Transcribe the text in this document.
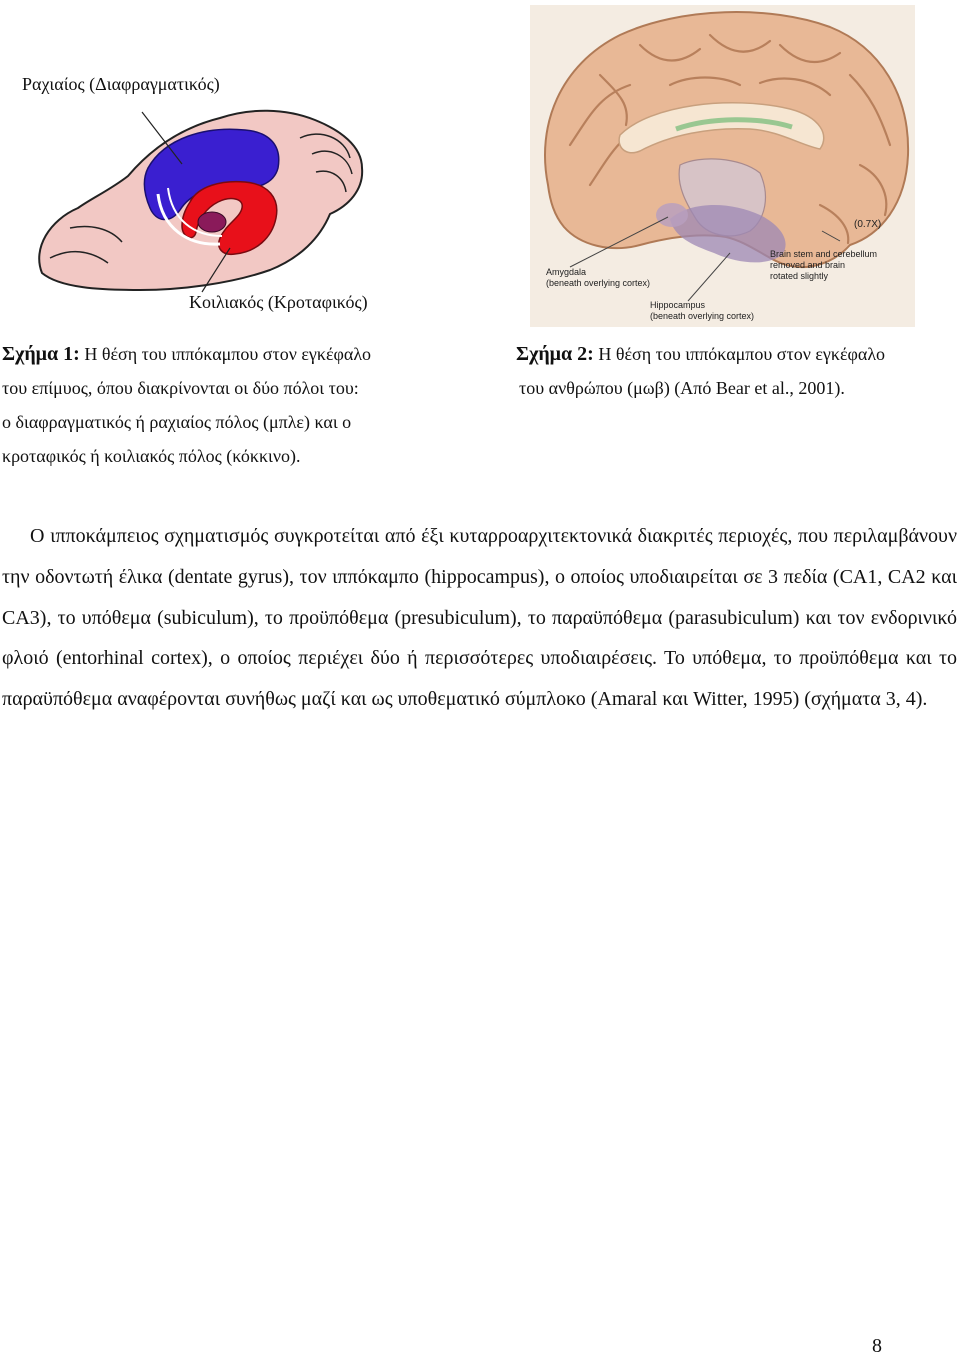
Ραχιαίος (Διαφραγματικός)
Κοιλιακός (Κροταφικός)
(0.7X)
Amygdala
(beneath overlying cortex)
Brain stem and cerebellum
removed and brain
rotated slightly
Hippocampus
(beneath overlying cortex)
Σχήμα 1: Η θέση του ιππόκαμπου στον εγκέφαλο
του επίμυος, όπου διακρίνονται οι δύο πόλοι του:
ο διαφραγματικός ή ραχιαίος πόλος (μπλε) και ο
κροταφικός ή κοιλιακός πόλος (κόκκινο).
Σχήμα 2: Η θέση του ιππόκαμπου στον εγκέφαλο
του ανθρώπου (μωβ) (Από Bear et al., 2001).

Ο ιπποκάμπειος σχηματισμός συγκροτείται από έξι κυταρροαρχιτεκτονικά διακριτές περιοχές, που περιλαμβάνουν την οδοντωτή έλικα (dentate gyrus), τον ιππόκαμπο (hippocampus), ο οποίος υποδιαιρείται σε 3 πεδία (CA1, CA2 και CA3), το υπόθεμα (subiculum), το προϋπόθεμα (presubiculum), το παραϋπόθεμα (parasubiculum) και τον ενδορινικό φλοιό (entorhinal cortex), ο οποίος περιέχει δύο ή περισσότερες υποδιαιρέσεις. Το υπόθεμα, το προϋπόθεμα και το παραϋπόθεμα αναφέρονται συνήθως μαζί και ως υποθεματικό σύμπλοκο (Amaral και Witter, 1995) (σχήματα 3, 4).

8
